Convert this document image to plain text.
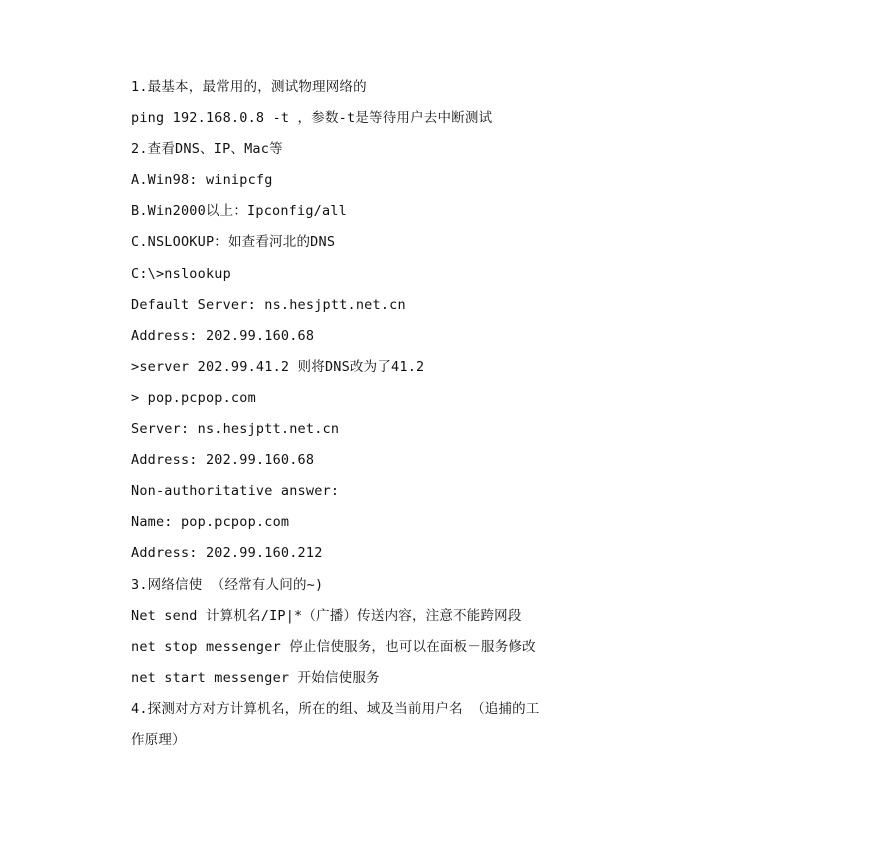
1.最基本，最常用的，测试物理网络的
ping 192.168.0.8 -t ，参数-t是等待用户去中断测试
2.查看DNS、IP、Mac等
A.Win98: winipcfg
B.Win2000以上：Ipconfig/all
C.NSLOOKUP：如查看河北的DNS
C:\>nslookup
Default Server: ns.hesjptt.net.cn
Address: 202.99.160.68
>server 202.99.41.2 则将DNS改为了41.2
> pop.pcpop.com
Server: ns.hesjptt.net.cn
Address: 202.99.160.68
Non-authoritative answer:
Name: pop.pcpop.com
Address: 202.99.160.212
3.网络信使 （经常有人问的~)
Net send 计算机名/IP|*（广播）传送内容，注意不能跨网段
net stop messenger 停止信使服务，也可以在面板－服务修改
net start messenger 开始信使服务
4.探测对方对方计算机名，所在的组、域及当前用户名 （追捕的工
作原理）
